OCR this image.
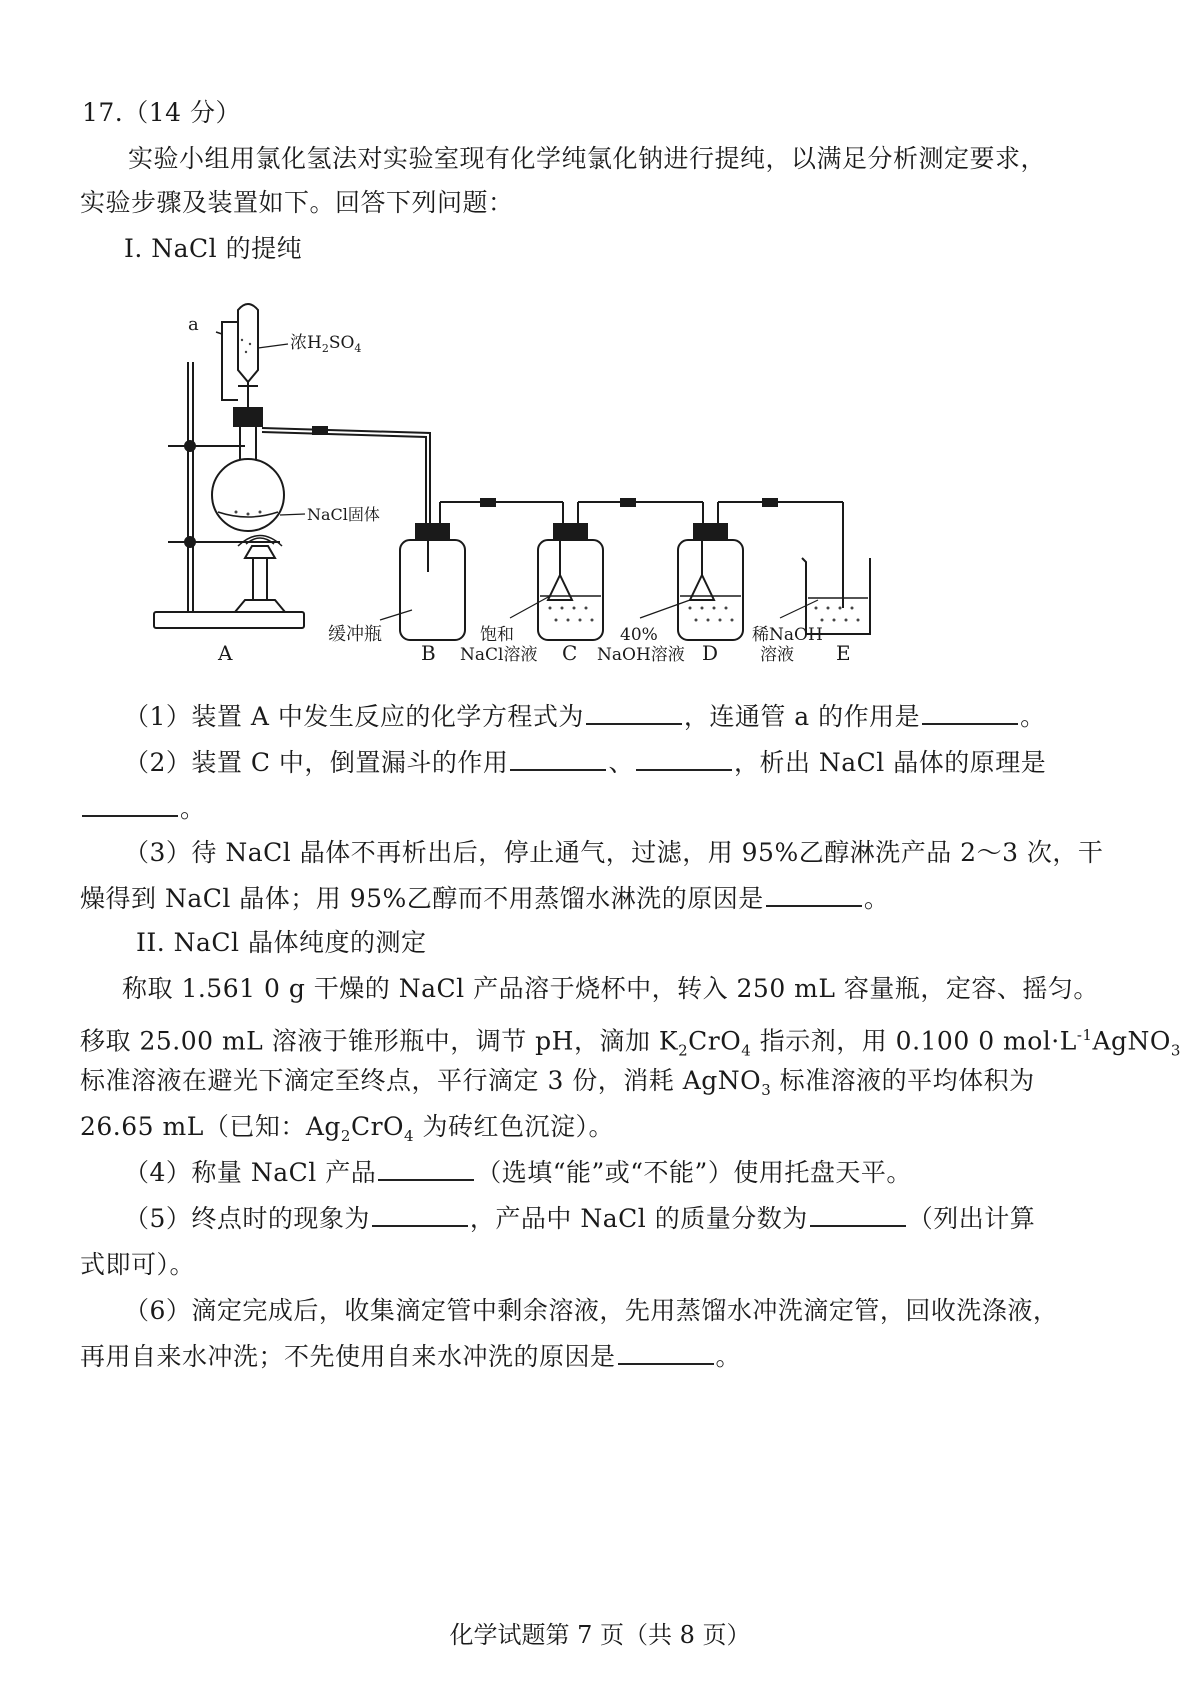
17.（14 分）
实验小组用氯化氢法对实验室现有化学纯氯化钠进行提纯，以满足分析测定要求，
实验步骤及装置如下。回答下列问题：
I. NaCl 的提纯
a
浓$H_2SO_4$
NaCl固体
缓冲瓶	饱和
NaCl溶液
40%
NaOH溶液
稀NaOH
溶液
A	B	C	D	E
（1）装置 A 中发生反应的化学方程式为	，连通管 a 的作用是	。
（2）装置 C 中，倒置漏斗的作用	、	，析出 NaCl 晶体的原理是
。
（3）待 NaCl 晶体不再析出后，停止通气，过滤，用 95%乙醇淋洗产品 2～3 次，干
燥得到 NaCl 晶体；用 95%乙醇而不用蒸馏水淋洗的原因是	。
II. NaCl 晶体纯度的测定
称取 1.561 0 g 干燥的 NaCl 产品溶于烧杯中，转入 250 mL 容量瓶，定容、摇匀。
移取 25.00 mL 溶液于锥形瓶中，调节 pH，滴加 $K_2CrO_4$ 指示剂，用 0.100 0 $mol\cdot L^{-1}AgNO_3$
标准溶液在避光下滴定至终点，平行滴定 3 份，消耗 AgNO$_3$ 标准溶液的平均体积为
26.65 mL（已知：$Ag_2CrO_4$ 为砖红色沉淀）。
（4）称量 NaCl 产品	（选填“能”或“不能”）使用托盘天平。
（5）终点时的现象为	，产品中 NaCl 的质量分数为	（列出计算
式即可）。
（6）滴定完成后，收集滴定管中剩余溶液，先用蒸馏水冲洗滴定管，回收洗涤液，
再用自来水冲洗；不先使用自来水冲洗的原因是	。
化学试题第 7 页（共 8 页）
